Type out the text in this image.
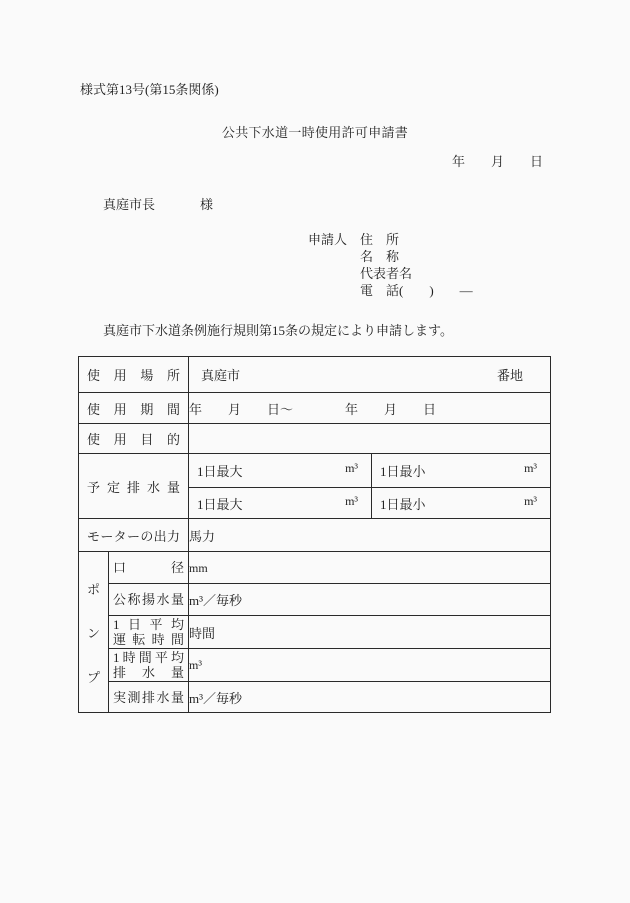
様式第13号(第15条関係)
公共下水道一時使用許可申請書
年　　月　　日
真庭市長	様
申請人 住　所
名　称
代表者名
電　話(　　)　　―
真庭市下水道条例施行規則第15条の規定により申請します。
使 用 場 所		真庭市 番地	

使 用 期 間		年　　月　　日～　　　　年　　月　　日	

使 用 目 的			

予 定 排 水 量		1日最大 m³	1日最小 m³

		1日最大 m³	1日最小 m³

モ ー タ ー の 出 力	馬力

ポ
ン
プ	口 径	mm	

	公 称 揚 水 量	m³／毎秒	

1 日 平 均
運 転 時 間	時間

1 時 間 平 均
排 水 量	m³

	実 測 排 水 量	m³／毎秒	
